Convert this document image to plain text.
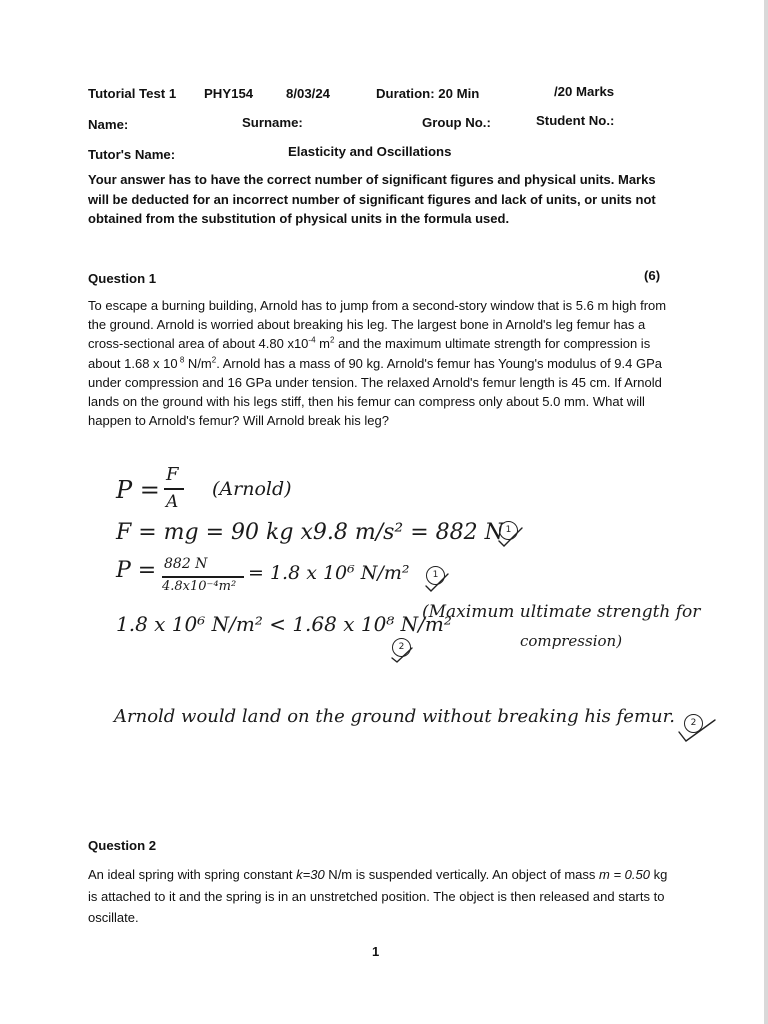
Tutorial Test 1 PHY154 8/03/24	Duration: 20 Min	/20 Marks
Name:	Surname:	Group No.:	Student No.:
Tutor's Name:	Elasticity and Oscillations
Your answer has to have the correct number of significant figures and physical units. Marks will be deducted for an incorrect number of significant figures and lack of units, or units not obtained from the substitution of physical units in the formula used.
Question 1	(6)
To escape a burning building, Arnold has to jump from a second-story window that is 5.6 m high from the ground. Arnold is worried about breaking his leg. The largest bone in Arnold's leg femur has a cross-sectional area of about 4.80 $x10^{-4}$ $m^2$ and the maximum ultimate strength for compression is about 1.68 x 10 $^8$ $N/m^2$. Arnold has a mass of 90 kg. Arnold's femur has Young's modulus of 9.4 GPa under compression and 16 GPa under tension. The relaxed Arnold's femur length is 45 cm. If Arnold lands on the ground with his legs stiff, then his femur can compress only about 5.0 mm. What will happen to Arnold's femur? Will Arnold break his leg?
P =
F
A
(Arnold)
F = mg = 90 kg x9.8 m/s² = 882 N 1
P = 882 N
4.8x10⁻⁴m²
= 1.8 x 10⁶ N/m²	1
1.8 x 10⁶ N/m² < 1.68 x 10⁸ N/m²
(Maximum ultimate strength for
compression)
2
Arnold would land on the ground without breaking his femur.	2
Question 2
An ideal spring with spring constant k=30 N/m is suspended vertically. An object of mass m = 0.50 kg is attached to it and the spring is in an unstretched position. The object is then released and starts to oscillate.
1
